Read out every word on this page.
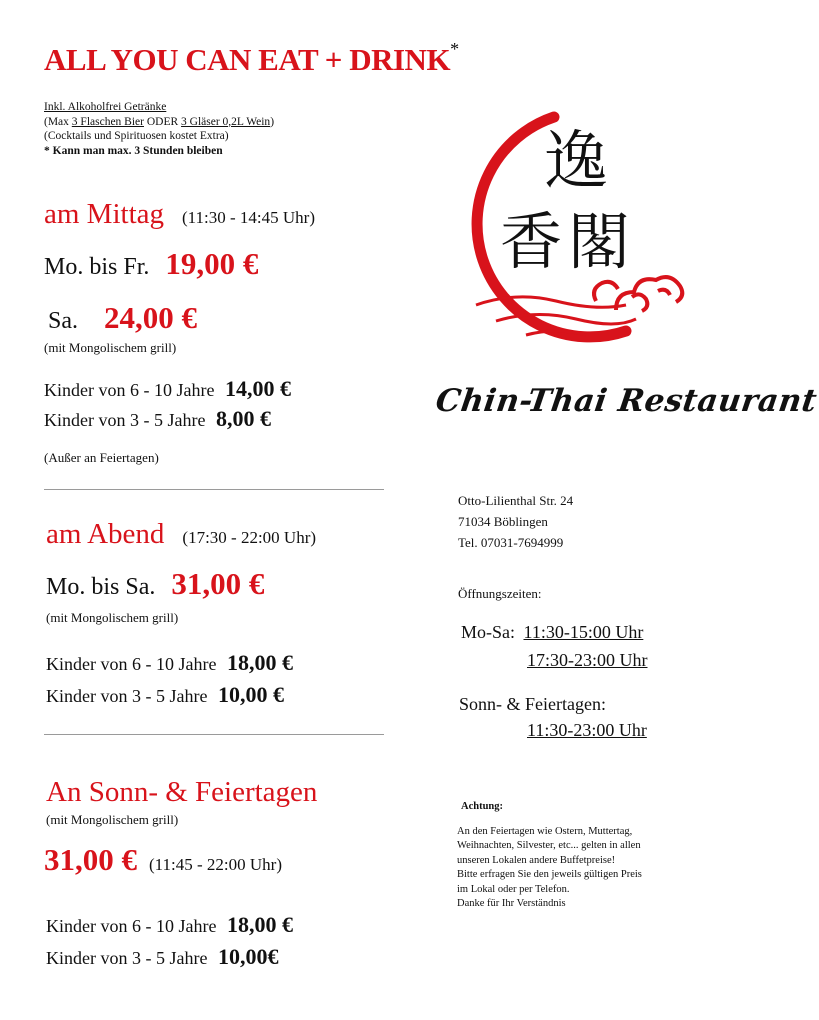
ALL YOU CAN EAT + DRINK*
Inkl. Alkoholfrei Getränke
(Max 3 Flaschen Bier ODER 3 Gläser 0,2L Wein)
(Cocktails und Spirituosen kostet Extra)
* Kann man max. 3 Stunden bleiben
am Mittag (11:30 - 14:45 Uhr)
Mo. bis Fr. 19,00 €
Sa. 24,00 €
(mit Mongolischem grill)
Kinder von 6 - 10 Jahre 14,00 €
Kinder von 3 - 5 Jahre 8,00 €
(Außer an Feiertagen)
am Abend (17:30 - 22:00 Uhr)
Mo. bis Sa. 31,00 €
(mit Mongolischem grill)
Kinder von 6 - 10 Jahre 18,00 €
Kinder von 3 - 5 Jahre 10,00 €
An Sonn- & Feiertagen
(mit Mongolischem grill)
31,00 € (11:45 - 22:00 Uhr)
Kinder von 6 - 10 Jahre 18,00 €
Kinder von 3 - 5 Jahre 10,00€
逸
香閣
Chin-Thai Restaurant
Otto-Lilienthal Str. 24
71034 Böblingen
Tel. 07031-7694999
Öffnungszeiten:
Mo-Sa: 11:30-15:00 Uhr
17:30-23:00 Uhr
Sonn- & Feiertagen:
11:30-23:00 Uhr
Achtung:
An den Feiertagen wie Ostern, Muttertag,
Weihnachten, Silvester, etc... gelten in allen
unseren Lokalen andere Buffetpreise!
Bitte erfragen Sie den jeweils gültigen Preis
im Lokal oder per Telefon.
Danke für Ihr Verständnis
